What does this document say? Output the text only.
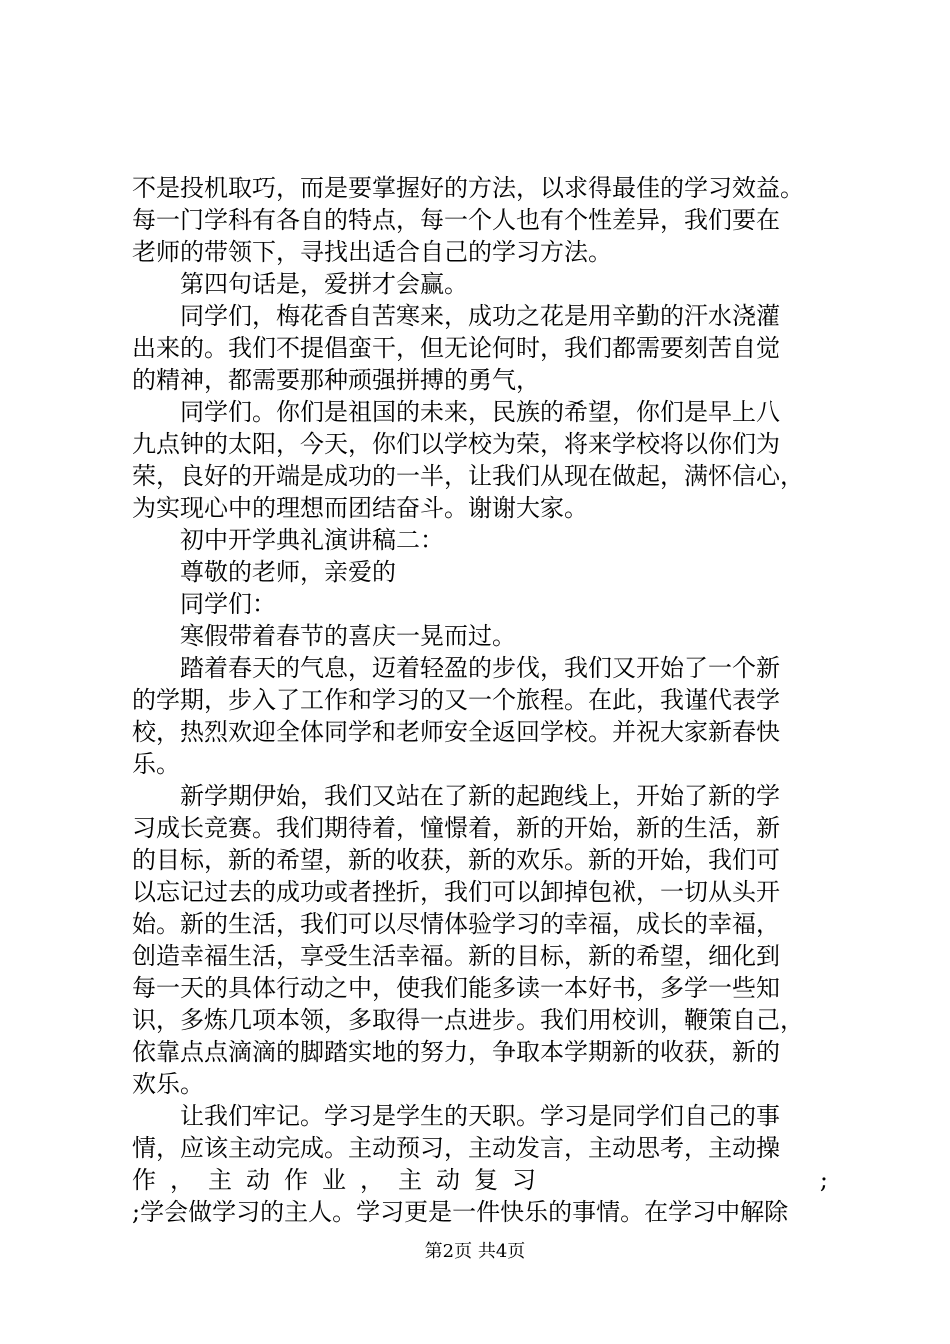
不是投机取巧，而是要掌握好的方法，以求得最佳的学习效益。
每一门学科有各自的特点，每一个人也有个性差异，我们要在
老师的带领下，寻找出适合自己的学习方法。
第四句话是，爱拼才会赢。
同学们，梅花香自苦寒来，成功之花是用辛勤的汗水浇灌
出来的。我们不提倡蛮干，但无论何时，我们都需要刻苦自觉
的精神，都需要那种顽强拼搏的勇气，
同学们。你们是祖国的未来，民族的希望，你们是早上八
九点钟的太阳，今天，你们以学校为荣，将来学校将以你们为
荣，良好的开端是成功的一半，让我们从现在做起，满怀信心，
为实现心中的理想而团结奋斗。谢谢大家。
初中开学典礼演讲稿二：
尊敬的老师，亲爱的
同学们：
寒假带着春节的喜庆一晃而过。
踏着春天的气息，迈着轻盈的步伐，我们又开始了一个新
的学期，步入了工作和学习的又一个旅程。在此，我谨代表学
校，热烈欢迎全体同学和老师安全返回学校。并祝大家新春快
乐。
新学期伊始，我们又站在了新的起跑线上，开始了新的学
习成长竞赛。我们期待着，憧憬着，新的开始，新的生活，新
的目标，新的希望，新的收获，新的欢乐。新的开始，我们可
以忘记过去的成功或者挫折，我们可以卸掉包袱，一切从头开
始。新的生活，我们可以尽情体验学习的幸福，成长的幸福，
创造幸福生活，享受生活幸福。新的目标，新的希望，细化到
每一天的具体行动之中，使我们能多读一本好书，多学一些知
识，多炼几项本领，多取得一点进步。我们用校训，鞭策自己，
依靠点点滴滴的脚踏实地的努力，争取本学期新的收获，新的
欢乐。
让我们牢记。学习是学生的天职。学习是同学们自己的事
情，应该主动完成。主动预习，主动发言，主动思考，主动操
作，主动作业，主动复习	;
;学会做学习的主人。学习更是一件快乐的事情。在学习中解除
第2页 共4页
